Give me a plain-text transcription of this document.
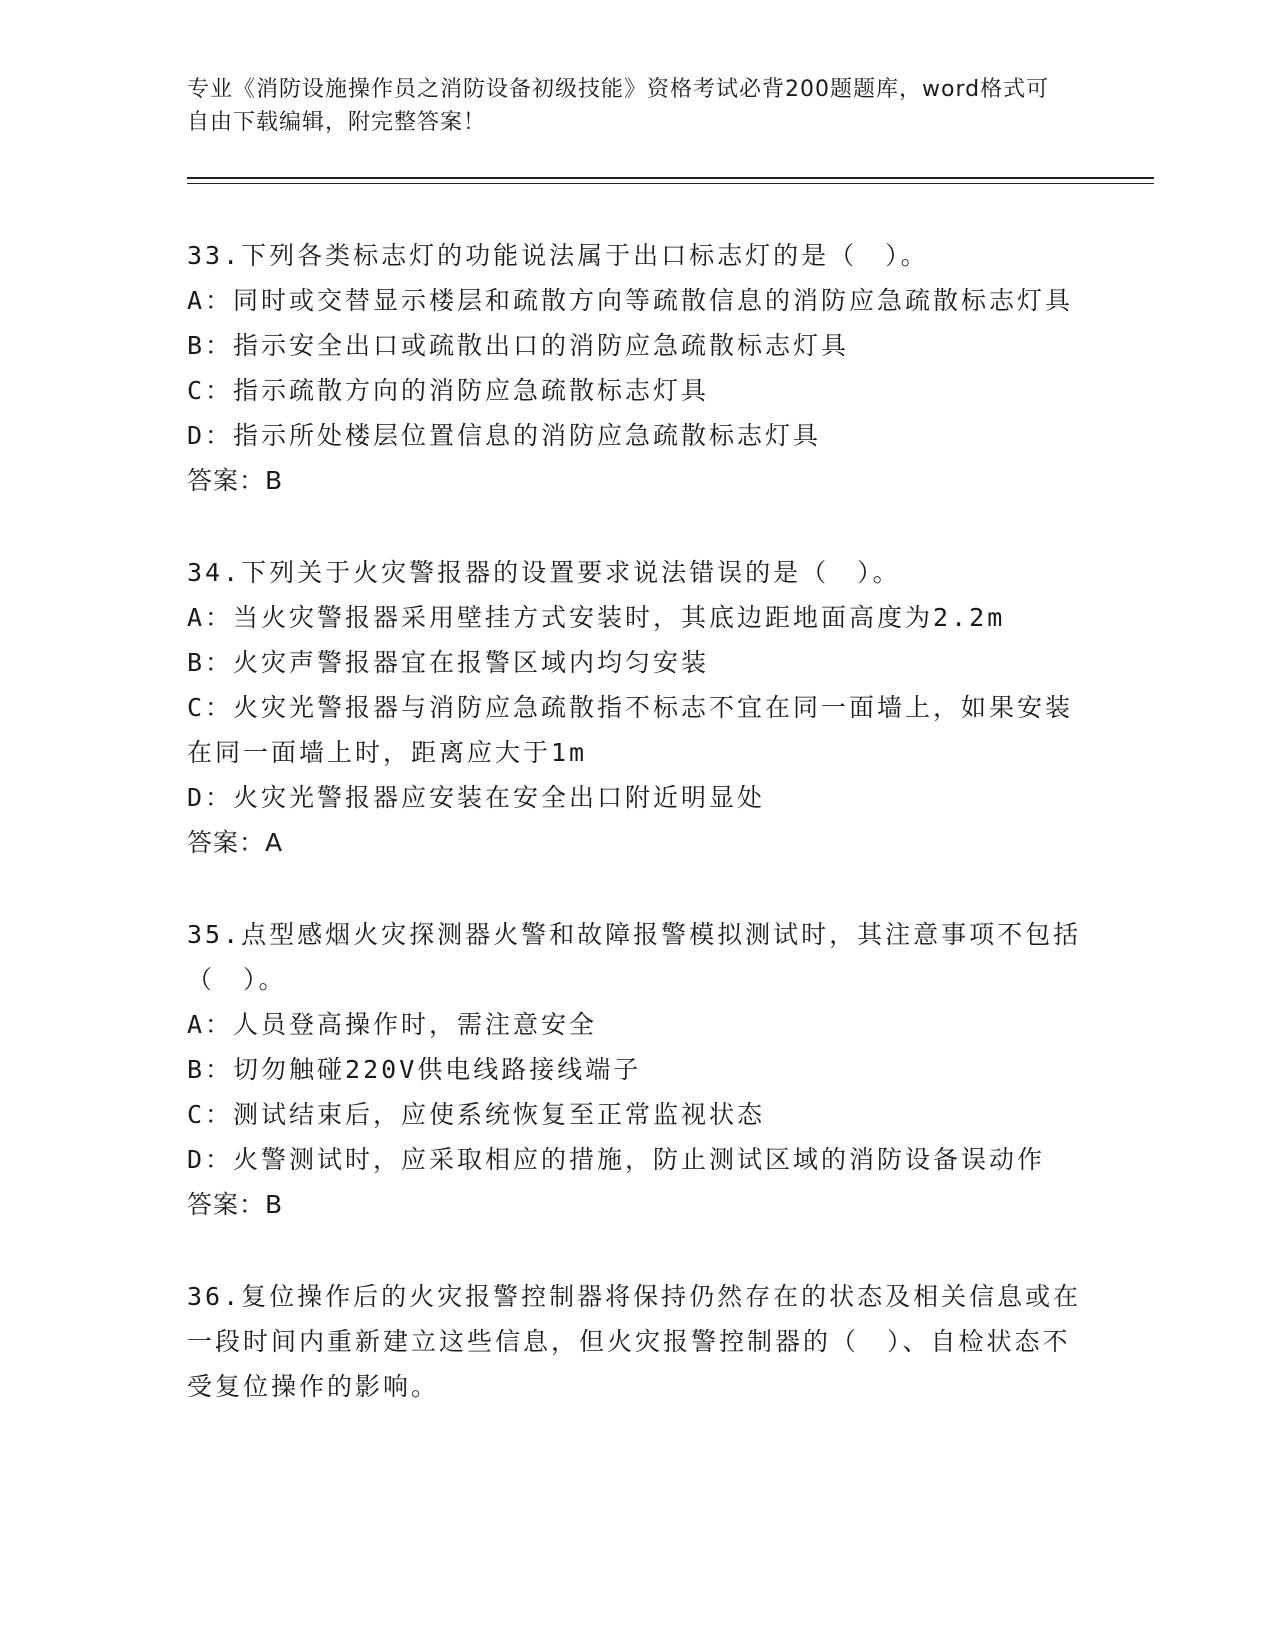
专业《消防设施操作员之消防设备初级技能》资格考试必背200题题库，word格式可自由下载编辑，附完整答案！

33.下列各类标志灯的功能说法属于出口标志灯的是（　）。

A：同时或交替显示楼层和疏散方向等疏散信息的消防应急疏散标志灯具

B：指示安全出口或疏散出口的消防应急疏散标志灯具

C：指示疏散方向的消防应急疏散标志灯具

D：指示所处楼层位置信息的消防应急疏散标志灯具

答案：B

34.下列关于火灾警报器的设置要求说法错误的是（　）。

A：当火灾警报器采用壁挂方式安装时，其底边距地面高度为2.2m

B：火灾声警报器宜在报警区域内均匀安装

C：火灾光警报器与消防应急疏散指不标志不宜在同一面墙上，如果安装在同一面墙上时，距离应大于1m

D：火灾光警报器应安装在安全出口附近明显处

答案：A

35.点型感烟火灾探测器火警和故障报警模拟测试时，其注意事项不包括（　）。

A：人员登高操作时，需注意安全

B：切勿触碰220V供电线路接线端子

C：测试结束后，应使系统恢复至正常监视状态

D：火警测试时，应采取相应的措施，防止测试区域的消防设备误动作

答案：B

36.复位操作后的火灾报警控制器将保持仍然存在的状态及相关信息或在一段时间内重新建立这些信息，但火灾报警控制器的（　）、自检状态不受复位操作的影响。
